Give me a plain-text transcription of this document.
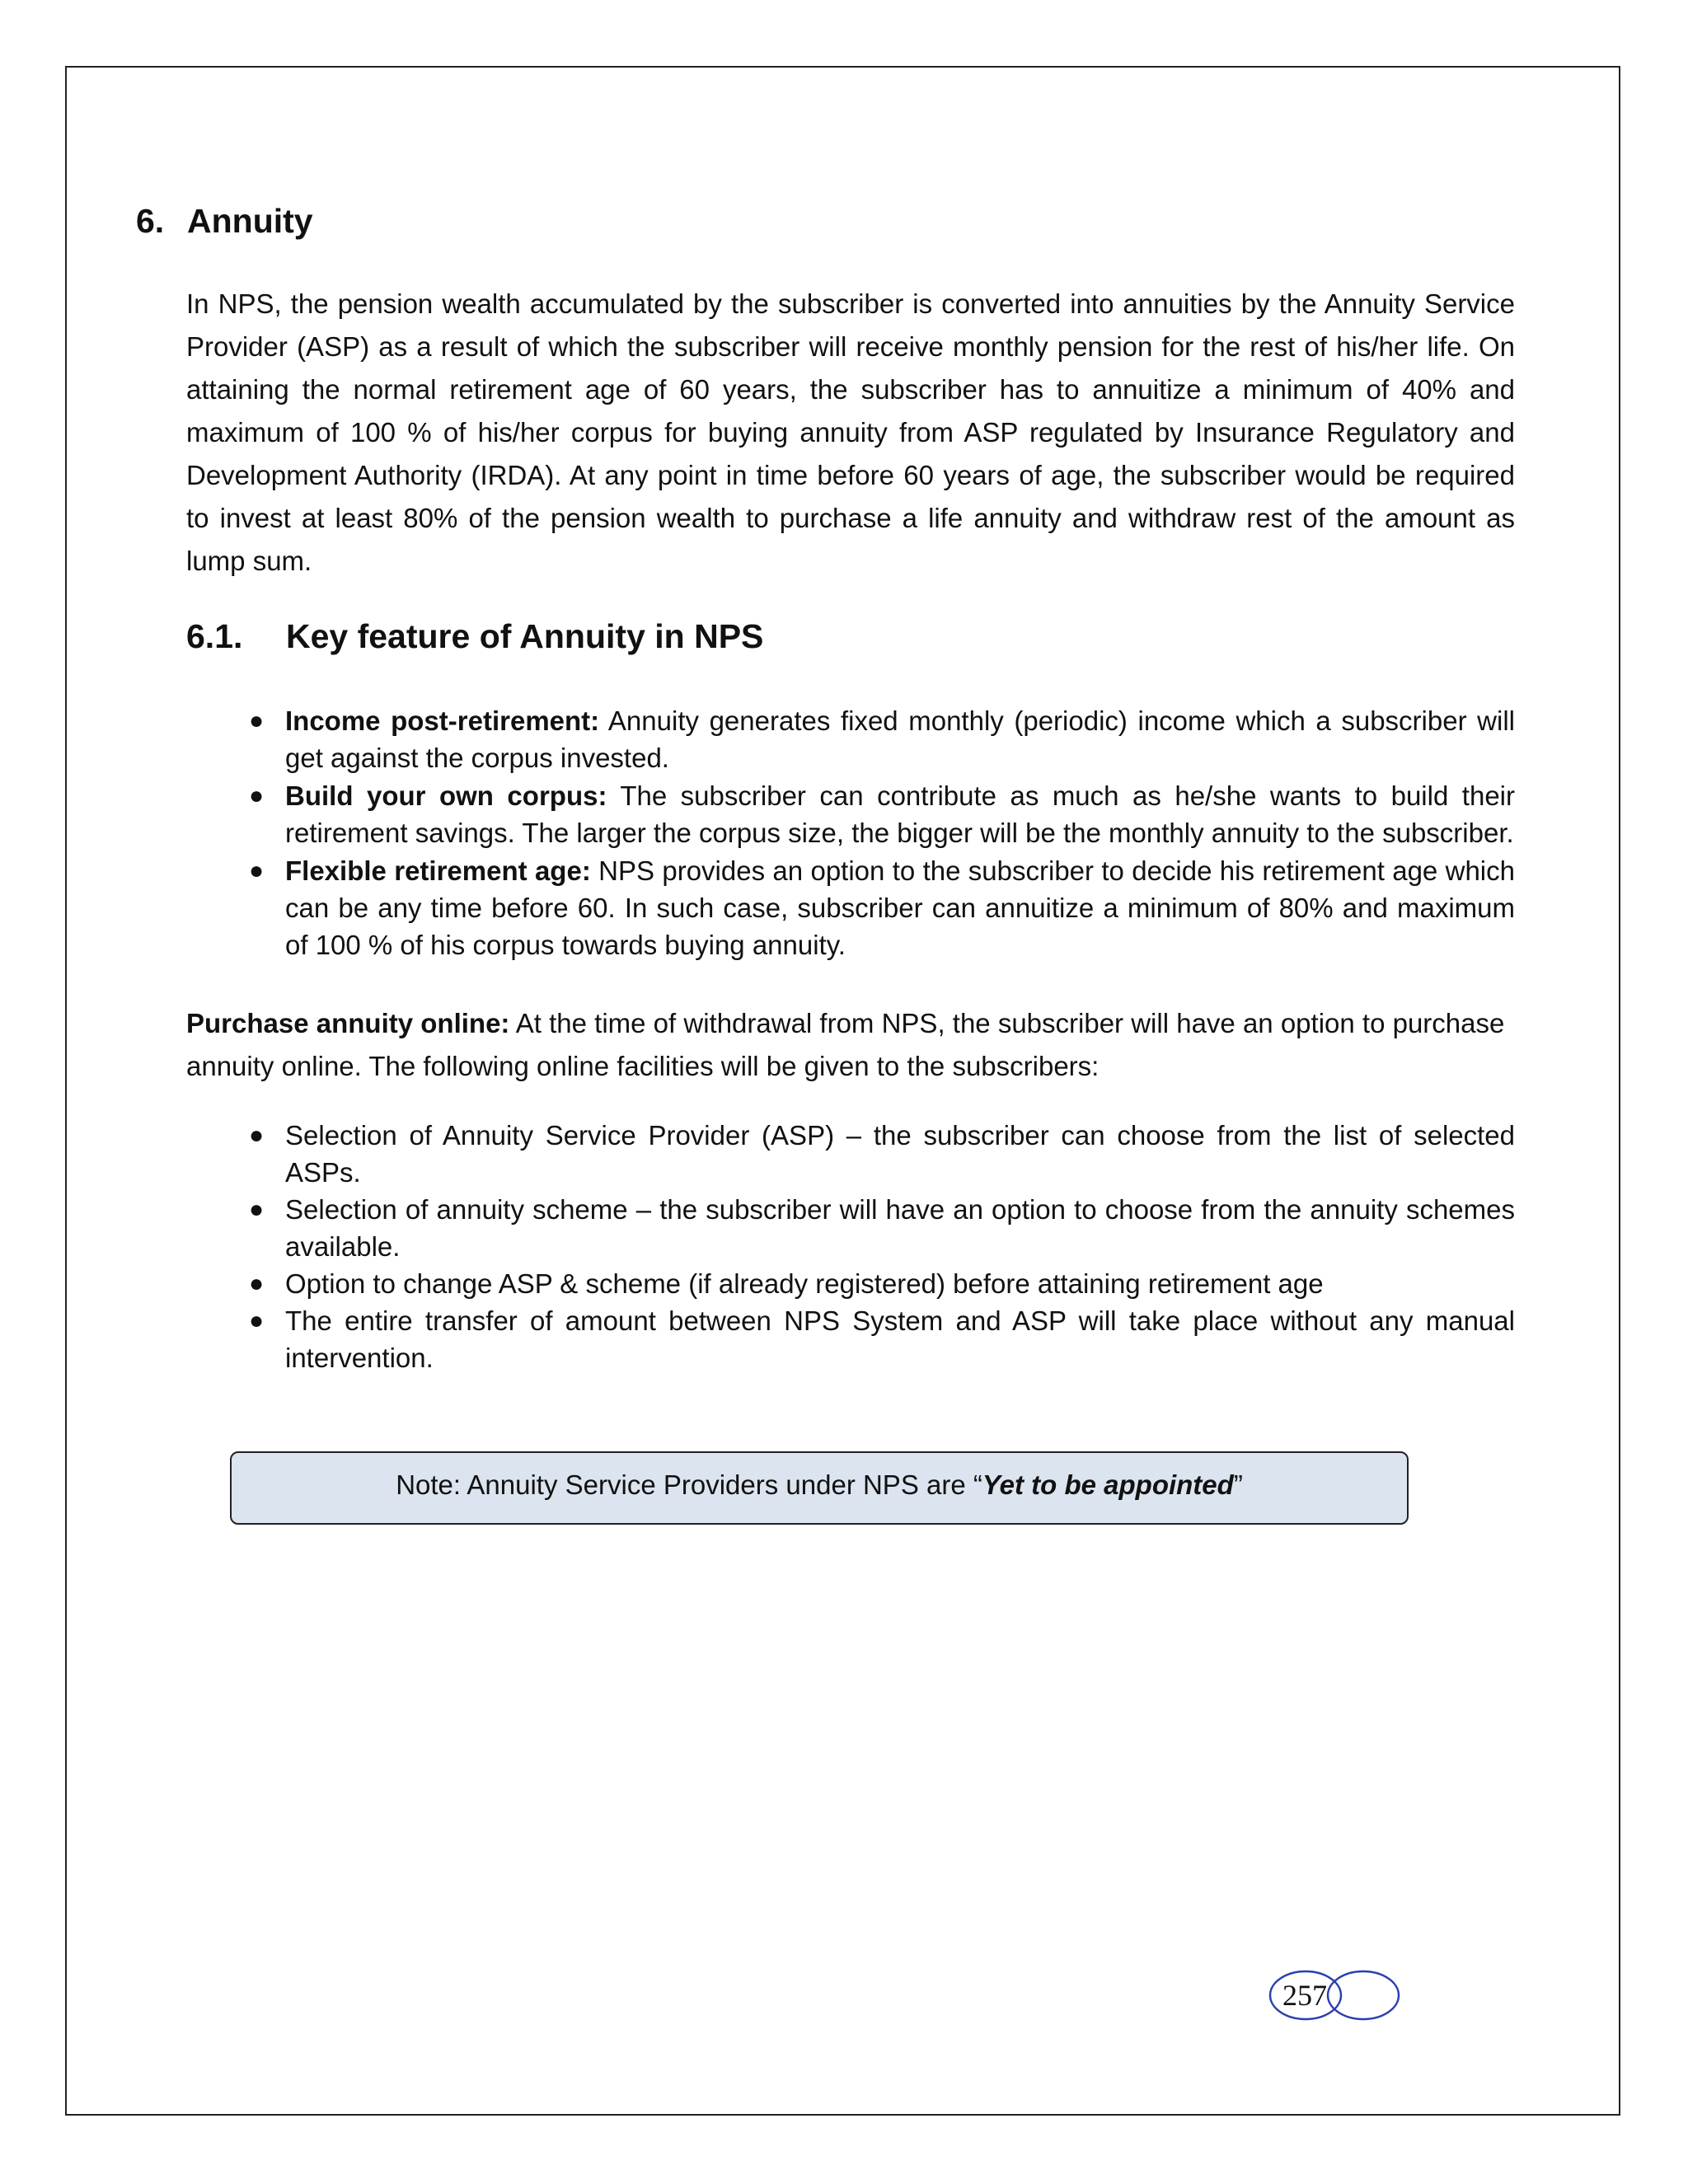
6. Annuity

In NPS, the pension wealth accumulated by the subscriber is converted into annuities by the Annuity Service Provider (ASP) as a result of which the subscriber will receive monthly pension for the rest of his/her life. On attaining the normal retirement age of 60 years, the subscriber has to annuitize a minimum of 40% and maximum of 100 % of his/her corpus for buying annuity from ASP regulated by Insurance Regulatory and Development Authority (IRDA). At any point in time before 60 years of age, the subscriber would be required to invest at least 80% of the pension wealth to purchase a life annuity and withdraw rest of the amount as lump sum.

6.1. Key feature of Annuity in NPS
● Income post-retirement: Annuity generates fixed monthly (periodic) income which a subscriber will get against the corpus invested.
● Build your own corpus: The subscriber can contribute as much as he/she wants to build their retirement savings. The larger the corpus size, the bigger will be the monthly annuity to the subscriber.
● Flexible retirement age: NPS provides an option to the subscriber to decide his retirement age which can be any time before 60. In such case, subscriber can annuitize a minimum of 80% and maximum of 100 % of his corpus towards buying annuity.

Purchase annuity online: At the time of withdrawal from NPS, the subscriber will have an option to purchase annuity online. The following online facilities will be given to the subscribers:

● Selection of Annuity Service Provider (ASP) – the subscriber can choose from the list of selected ASPs.
● Selection of annuity scheme – the subscriber will have an option to choose from the annuity schemes available.
● Option to change ASP & scheme (if already registered) before attaining retirement age
● The entire transfer of amount between NPS System and ASP will take place without any manual intervention.
Note: Annuity Service Providers under NPS are “Yet to be appointed”
257
